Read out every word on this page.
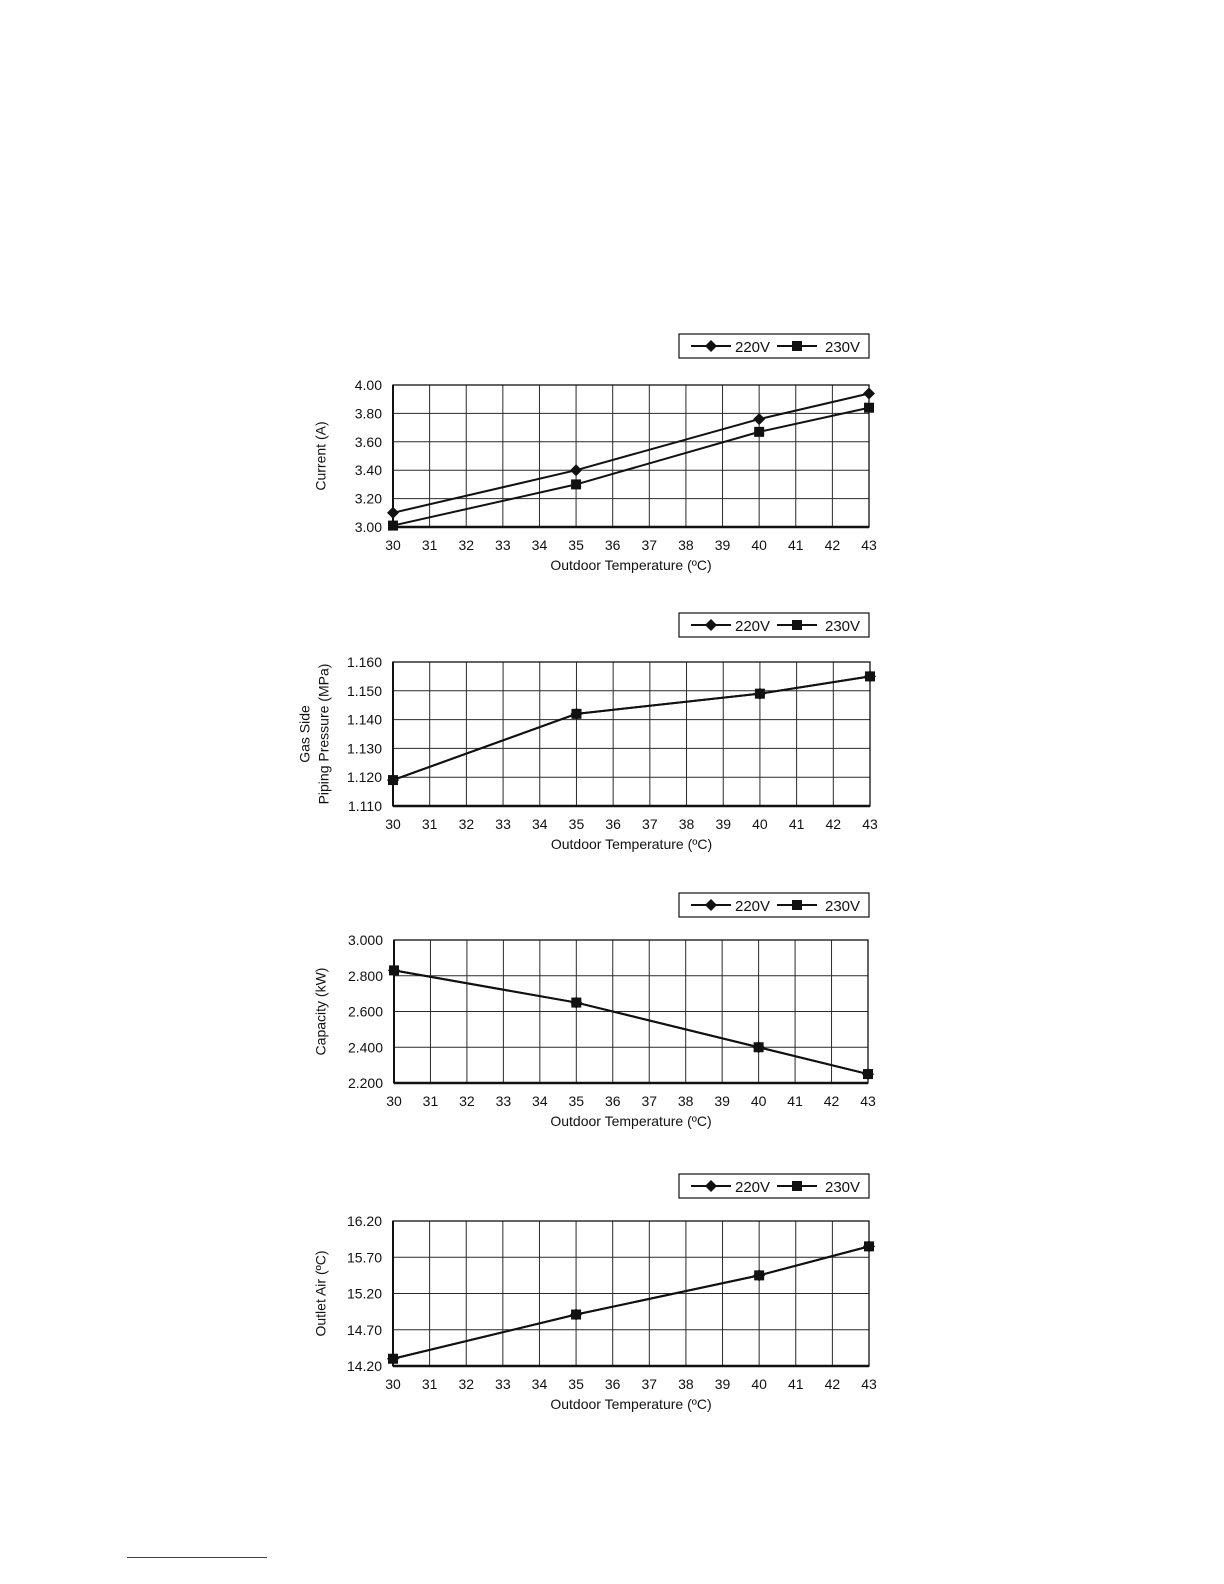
220V	230V
30 31 32 33 34 35 36 37 38 39 40 41 42 43
3.00
3.20
3.40
3.60
3.80
4.00
Outdoor Temperature (ºC)
Current (A)
220V	230V
30 31 32 33 34 35 36 37 38 39 40 41 42 43
1.110
1.120
1.130
1.140
1.150
1.160
Outdoor Temperature (ºC)
Gas Side Piping Pressure (MPa)
220V	230V
30 31 32 33 34 35 36 37 38 39 40 41 42 43
2.200
2.400
2.600
2.800
3.000
Outdoor Temperature (ºC)
Capacity (kW)
220V	230V
30 31 32 33 34 35 36 37 38 39 40 41 42 43
14.20
14.70
15.20
15.70
16.20
Outdoor Temperature (ºC)
Outlet Air (ºC)
